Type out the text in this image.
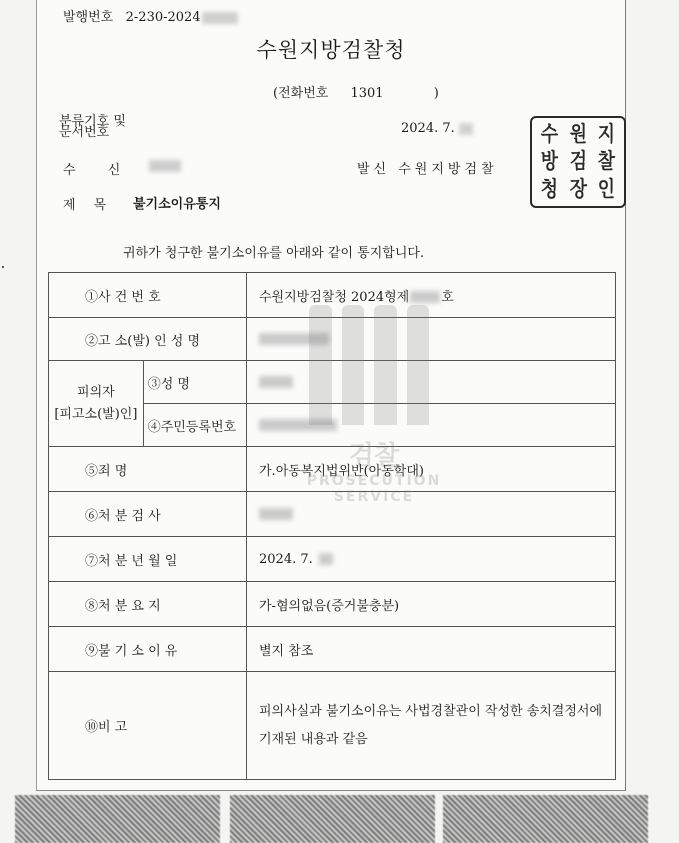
발행번호 2-230-2024
수원지방검찰청
(전화번호 1301	)
분류기호 및
문서번호	2024. 7.
수 신	발신 수원지방검찰
수 원 지
방 검 찰
청 장 인
제 목 불기소이유통지
귀하가 청구한 불기소이유를 아래와 같이 통지합니다.
①사 건 번 호		수원지방검찰청 2024형제 호

②고 소(발) 인 성 명		

피의자
[피고소(발)인]	③성 명	

	④주민등록번호	

⑤죄 명		가.아동복지법위반(아동학대)

⑥처 분 검 사		

⑦처 분 년 월 일		2024. 7.

⑧처 분 요 지		가-혐의없음(증거불충분)

⑨불 기 소 이 유		별지 참조

⑩비 고		피의사실과 불기소이유는 사법경찰관이 작성한 송치결정서에
기재된 내용과 같음
검찰
PROSECUTION SERVICE
